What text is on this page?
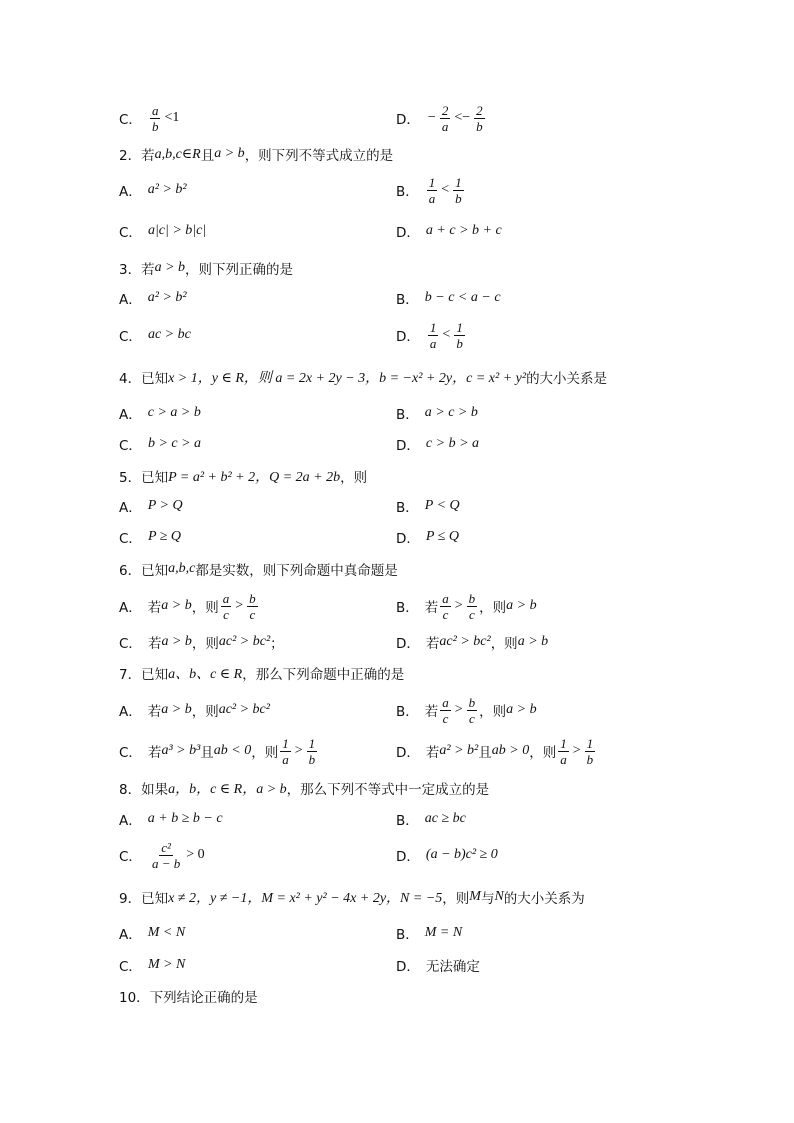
C． $\frac{a}{b} <1$	D． − $\frac{2}{a} <- \frac{2}{b}$
2．若 a,b,c∈R 且 a > b ，则下列不等式成立的是
A． a² > b²	B． $\frac{1}{a} < \frac{1}{b}$
C． a|c| > b|c|	D． a + c > b + c
3．若 a > b ，则下列正确的是
A． a² > b²	B． b − c < a − c
C． ac > bc	D． $\frac{1}{a} < \frac{1}{b}$
4．已知 x > 1，y ∈ R，则 a = 2x + 2y − 3，b = −x² + 2y，c = x² + y² 的大小关系是
A． c > a > b	B． a > c > b
C． b > c > a	D． c > b > a
5．已知 P = a² + b² + 2，Q = 2a + 2b ，则
A． P > Q	B． P < Q
C． P ≥ Q	D． P ≤ Q
6．已知 a,b,c 都是实数，则下列命题中真命题是
A． 若 a > b ，则 $\frac{a}{c} > \frac{b}{c}$	B． 若 $\frac{a}{c} > \frac{b}{c}$ ，则 a > b
C． 若 a > b ，则 ac² > bc² ；	D． 若 ac² > bc² ，则 a > b
7．已知 a、b、c ∈ R ，那么下列命题中正确的是
A． 若 a > b ，则 ac² > bc²	B． 若 $\frac{a}{c} > \frac{b}{c}$ ，则 a > b
C． 若 a³ > b³ 且 ab < 0 ，则 $\frac{1}{a} > \frac{1}{b}$	D． 若 a² > b² 且 ab > 0 ，则 $\frac{1}{a} > \frac{1}{b}$
8．如果 a，b，c ∈ R，a > b ，那么下列不等式中一定成立的是
A． a + b ≥ b − c	B． ac ≥ bc
C． $\frac{\text{c²}}{a - b} > 0$	D． (a − b)c² ≥ 0
9．已知 x ≠ 2，y ≠ −1，M = x² + y² − 4x + 2y，N = −5 ，则 M 与 N 的大小关系为
A． M < N	B． M = N
C． M > N	D． 无法确定
10．下列结论正确的是
